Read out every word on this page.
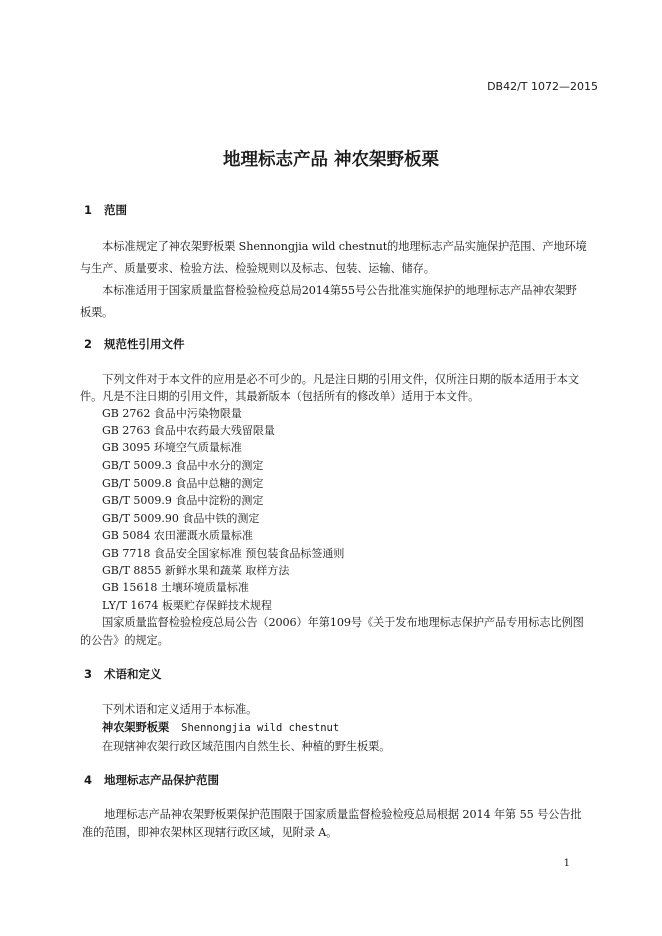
DB42/T 1072—2015
地理标志产品 神农架野板栗
1 范围
　　本标准规定了神农架野板栗 Shennongjia wild chestnut的地理标志产品实施保护范围、产地环境
与生产、质量要求、检验方法、检验规则以及标志、包装、运输、储存。
　　本标准适用于国家质量监督检验检疫总局2014第55号公告批准实施保护的地理标志产品神农架野
板栗。
2 规范性引用文件
　　下列文件对于本文件的应用是必不可少的。凡是注日期的引用文件，仅所注日期的版本适用于本文
件。凡是不注日期的引用文件，其最新版本（包括所有的修改单）适用于本文件。
GB 2762 食品中污染物限量
GB 2763 食品中农药最大残留限量
GB 3095 环境空气质量标准
GB/T 5009.3 食品中水分的测定
GB/T 5009.8 食品中总糖的测定
GB/T 5009.9 食品中淀粉的测定
GB/T 5009.90 食品中铁的测定
GB 5084 农田灌溉水质量标准
GB 7718 食品安全国家标准 预包装食品标签通则
GB/T 8855 新鲜水果和蔬菜 取样方法
GB 15618 土壤环境质量标准
LY/T 1674 板栗贮存保鲜技术规程
　　国家质量监督检验检疫总局公告（2006）年第109号《关于发布地理标志保护产品专用标志比例图
的公告》的规定。
3 术语和定义
下列术语和定义适用于本标准。
神农架野板栗 Shennongjia wild chestnut
在现辖神农架行政区域范围内自然生长、种植的野生板栗。
4 地理标志产品保护范围
　　地理标志产品神农架野板栗保护范围限于国家质量监督检验检疫总局根据 2014 年第 55 号公告批
准的范围，即神农架林区现辖行政区域，见附录 A。
1
